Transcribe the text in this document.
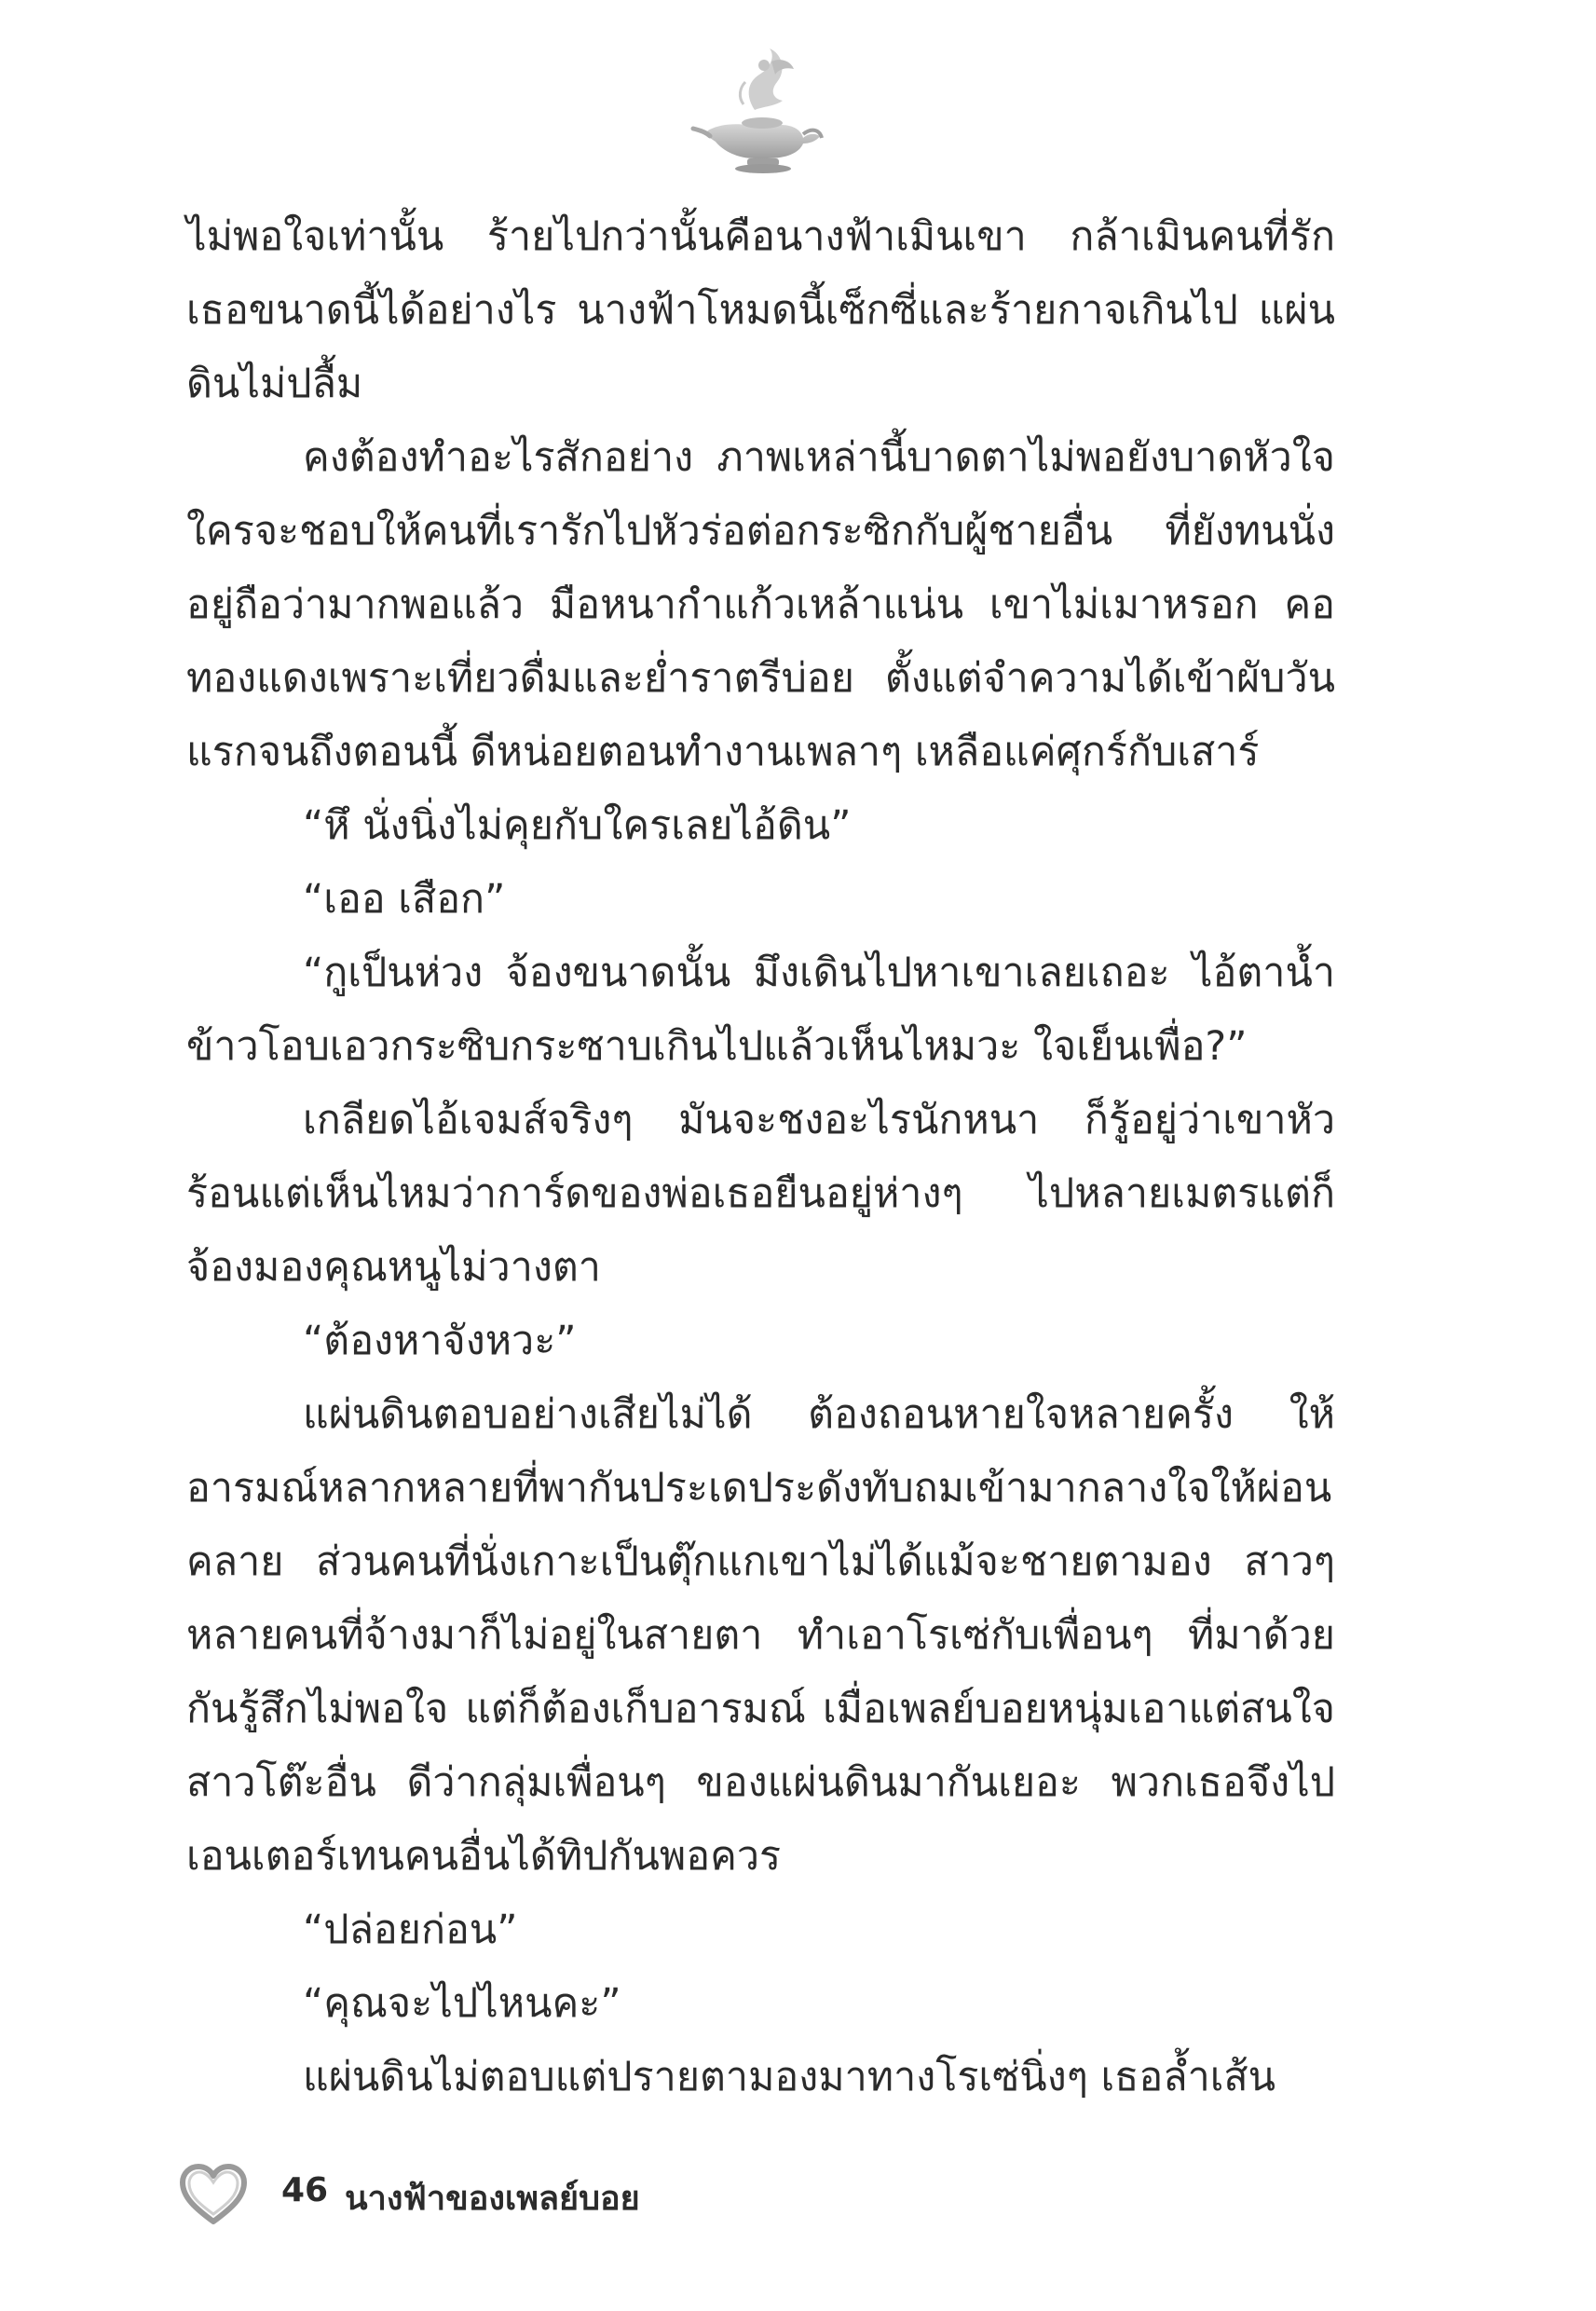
ไม่พอใจเท่านั้น ร้ายไปกว่านั้นคือนางฟ้าเมินเขา กล้าเมินคนที่รักเธอขนาดนี้ได้อย่างไร นางฟ้าโหมดนี้เซ็กซี่และร้ายกาจเกินไป แผ่นดินไม่ปลื้ม

คงต้องทำอะไรสักอย่าง ภาพเหล่านี้บาดตาไม่พอยังบาดหัวใจ ใครจะชอบให้คนที่เรารักไปหัวร่อต่อกระซิกกับผู้ชายอื่น ที่ยังทนนั่งอยู่ถือว่ามากพอแล้ว มือหนากำแก้วเหล้าแน่น เขาไม่เมาหรอก คอทองแดงเพราะเที่ยวดื่มและย่ำราตรีบ่อย ตั้งแต่จำความได้เข้าผับวันแรกจนถึงตอนนี้ ดีหน่อยตอนทำงานเพลาๆ เหลือแค่ศุกร์กับเสาร์

“หึ นั่งนิ่งไม่คุยกับใครเลยไอ้ดิน”

“เออ เสือก”

“กูเป็นห่วง จ้องขนาดนั้น มึงเดินไปหาเขาเลยเถอะ ไอ้ตาน้ำข้าวโอบเอวกระซิบกระซาบเกินไปแล้วเห็นไหมวะ ใจเย็นเพื่อ?”

เกลียดไอ้เจมส์จริงๆ มันจะชงอะไรนักหนา ก็รู้อยู่ว่าเขาหัวร้อนแต่เห็นไหมว่าการ์ดของพ่อเธอยืนอยู่ห่างๆ ไปหลายเมตรแต่ก็จ้องมองคุณหนูไม่วางตา

“ต้องหาจังหวะ”

แผ่นดินตอบอย่างเสียไม่ได้ ต้องถอนหายใจหลายครั้ง ให้อารมณ์หลากหลายที่พากันประเดประดังทับถมเข้ามากลางใจให้ผ่อนคลาย ส่วนคนที่นั่งเกาะเป็นตุ๊กแกเขาไม่ได้แม้จะชายตามอง สาวๆ หลายคนที่จ้างมาก็ไม่อยู่ในสายตา ทำเอาโรเซ่กับเพื่อนๆ ที่มาด้วยกันรู้สึกไม่พอใจ แต่ก็ต้องเก็บอารมณ์ เมื่อเพลย์บอยหนุ่มเอาแต่สนใจสาวโต๊ะอื่น ดีว่ากลุ่มเพื่อนๆ ของแผ่นดินมากันเยอะ พวกเธอจึงไปเอนเตอร์เทนคนอื่นได้ทิปกันพอควร

“ปล่อยก่อน”

“คุณจะไปไหนคะ”

แผ่นดินไม่ตอบแต่ปรายตามองมาทางโรเซ่นิ่งๆ เธอล้ำเส้น

46 นางฟ้าของเพลย์บอย
